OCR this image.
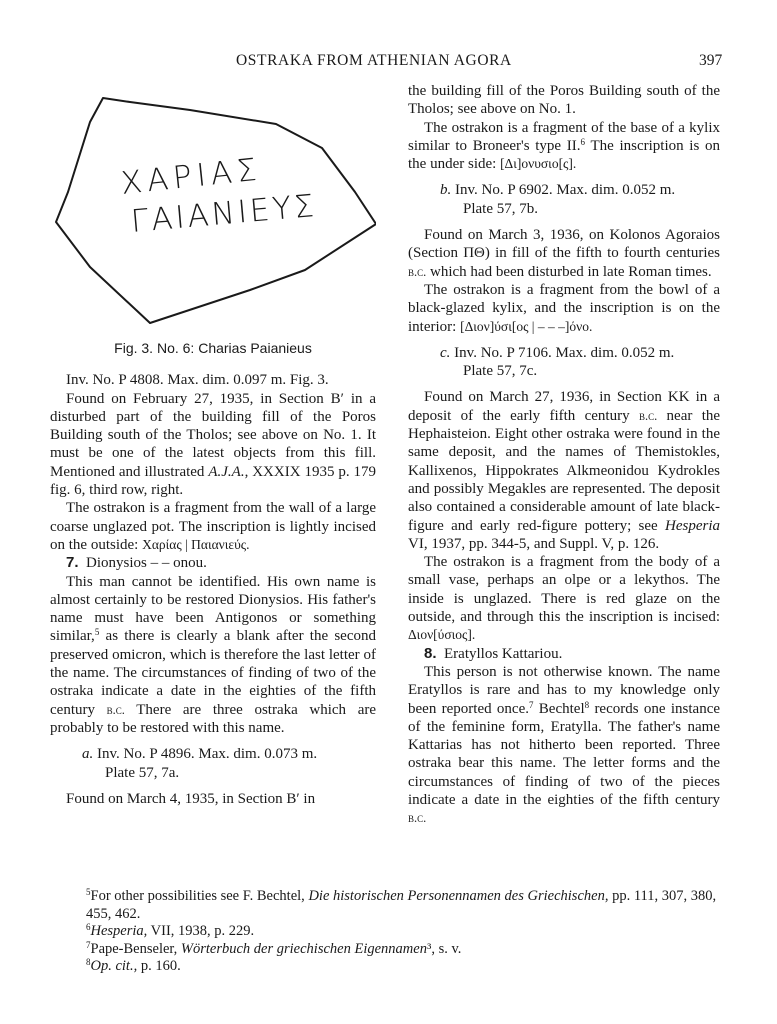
OSTRAKA FROM ATHENIAN AGORA	397
ΧΑΡΙΑΣ
ΓΑΙΑΝΙΕΥΣ
Fig. 3. No. 6: Charias Paianieus

Inv. No. P 4808. Max. dim. 0.097 m. Fig. 3.

Found on February 27, 1935, in Section B′ in a disturbed part of the building fill of the Poros Building south of the Tholos; see above on No. 1. It must be one of the latest objects from this fill. Mentioned and illustrated A.J.A., XXXIX 1935 p. 179 fig. 6, third row, right.

The ostrakon is a fragment from the wall of a large coarse unglazed pot. The inscription is lightly incised on the outside: Χαρίας | Παιανιεύς.

7. Dionysios – – onou.

This man cannot be identified. His own name is almost certainly to be restored Dionysios. His father's name must have been Antigonos or something similar,$^5$ as there is clearly a blank after the second preserved omicron, which is therefore the last letter of the name. The circumstances of finding of two of the ostraka indicate a date in the eighties of the fifth century b.c. There are three ostraka which are probably to be restored with this name.

a. Inv. No. P 4896. Max. dim. 0.073 m.
Plate 57, 7a.

Found on March 4, 1935, in Section B′ in

the building fill of the Poros Building south of the Tholos; see above on No. 1.

The ostrakon is a fragment of the base of a kylix similar to Broneer's type II.$^6$ The inscription is on the under side: [Δι]ονυσιο[ς].

b. Inv. No. P 6902. Max. dim. 0.052 m.
Plate 57, 7b.

Found on March 3, 1936, on Kolonos Agoraios (Section ΠΘ) in fill of the fifth to fourth centuries b.c. which had been disturbed in late Roman times.

The ostrakon is a fragment from the bowl of a black-glazed kylix, and the inscription is on the interior: [Διον]ύσι[ος | – – –]όνο.

c. Inv. No. P 7106. Max. dim. 0.052 m.
Plate 57, 7c.

Found on March 27, 1936, in Section KK in a deposit of the early fifth century b.c. near the Hephaisteion. Eight other ostraka were found in the same deposit, and the names of Themistokles, Kallixenos, Hippokrates Alkmeonidou Kydrokles and possibly Megakles are represented. The deposit also contained a considerable amount of late black-figure and early red-figure pottery; see Hesperia VI, 1937, pp. 344-5, and Suppl. V, p. 126.

The ostrakon is a fragment from the body of a small vase, perhaps an olpe or a lekythos. The inside is unglazed. There is red glaze on the outside, and through this the inscription is incised: Διον[ύσιος].

8. Eratyllos Kattariou.

This person is not otherwise known. The name Eratyllos is rare and has to my knowledge only been reported once.$^7$ Bechtel$^8$ records one instance of the feminine form, Eratylla. The father's name Kattarias has not hitherto been reported. Three ostraka bear this name. The letter forms and the circumstances of finding of two of the pieces indicate a date in the eighties of the fifth century b.c.

$^5$For other possibilities see F. Bechtel, Die historischen Personennamen des Griechischen, pp. 111, 307, 380, 455, 462.
$^6$Hesperia, VII, 1938, p. 229.
$^7$Pape-Benseler, Wörterbuch der griechischen Eigennamen³, s. v.
$^8$Op. cit., p. 160.
